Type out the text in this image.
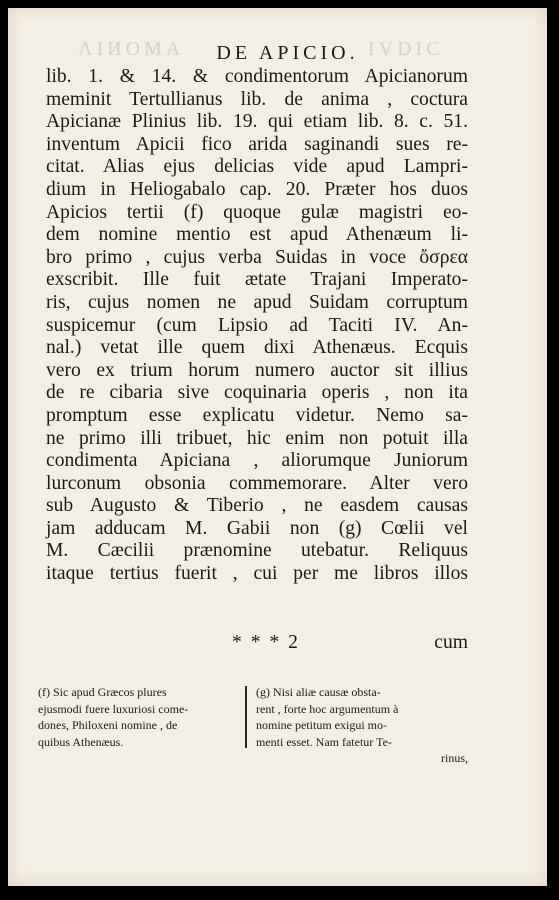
ɅIИOMA	IVDIC
DE APICIO.
lib. 1. & 14. & condimentorum Apicianorum
meminit Tertullianus lib. de anima , coctura
Apicianæ Plinius lib. 19. qui etiam lib. 8. c. 51.
inventum Apicii fico arida saginandi sues re-
citat. Alias ejus delicias vide apud Lampri-
dium in Heliogabalo cap. 20. Præter hos duos
Apicios tertii (f) quoque gulæ magistri eo-
dem nomine mentio est apud Athenæum li-
bro primo , cujus verba Suidas in voce ὄσρεα
exscribit. Ille fuit ætate Trajani Imperato-
ris, cujus nomen ne apud Suidam corruptum
suspicemur (cum Lipsio ad Taciti IV. An-
nal.) vetat ille quem dixi Athenæus. Ecquis
vero ex trium horum numero auctor sit illius
de re cibaria sive coquinaria operis , non ita
promptum esse explicatu videtur. Nemo sa-
ne primo illi tribuet, hic enim non potuit illa
condimenta Apiciana , aliorumque Juniorum
lurconum obsonia commemorare. Alter vero
sub Augusto & Tiberio , ne easdem causas
jam adducam M. Gabii non (g) Cœlii vel
M. Cæcilii prænomine utebatur. Reliquus
itaque tertius fuerit , cui per me libros illos
* * * 2	cum
(f) Sic apud Græcos plures
ejusmodi fuere luxuriosi come-
dones, Philoxeni nomine , de
quibus Athenæus.
(g) Nisi aliæ causæ obsta-
rent , forte hoc argumentum à
nomine petitum exigui mo-
menti esset. Nam fatetur Te-
rinus,
